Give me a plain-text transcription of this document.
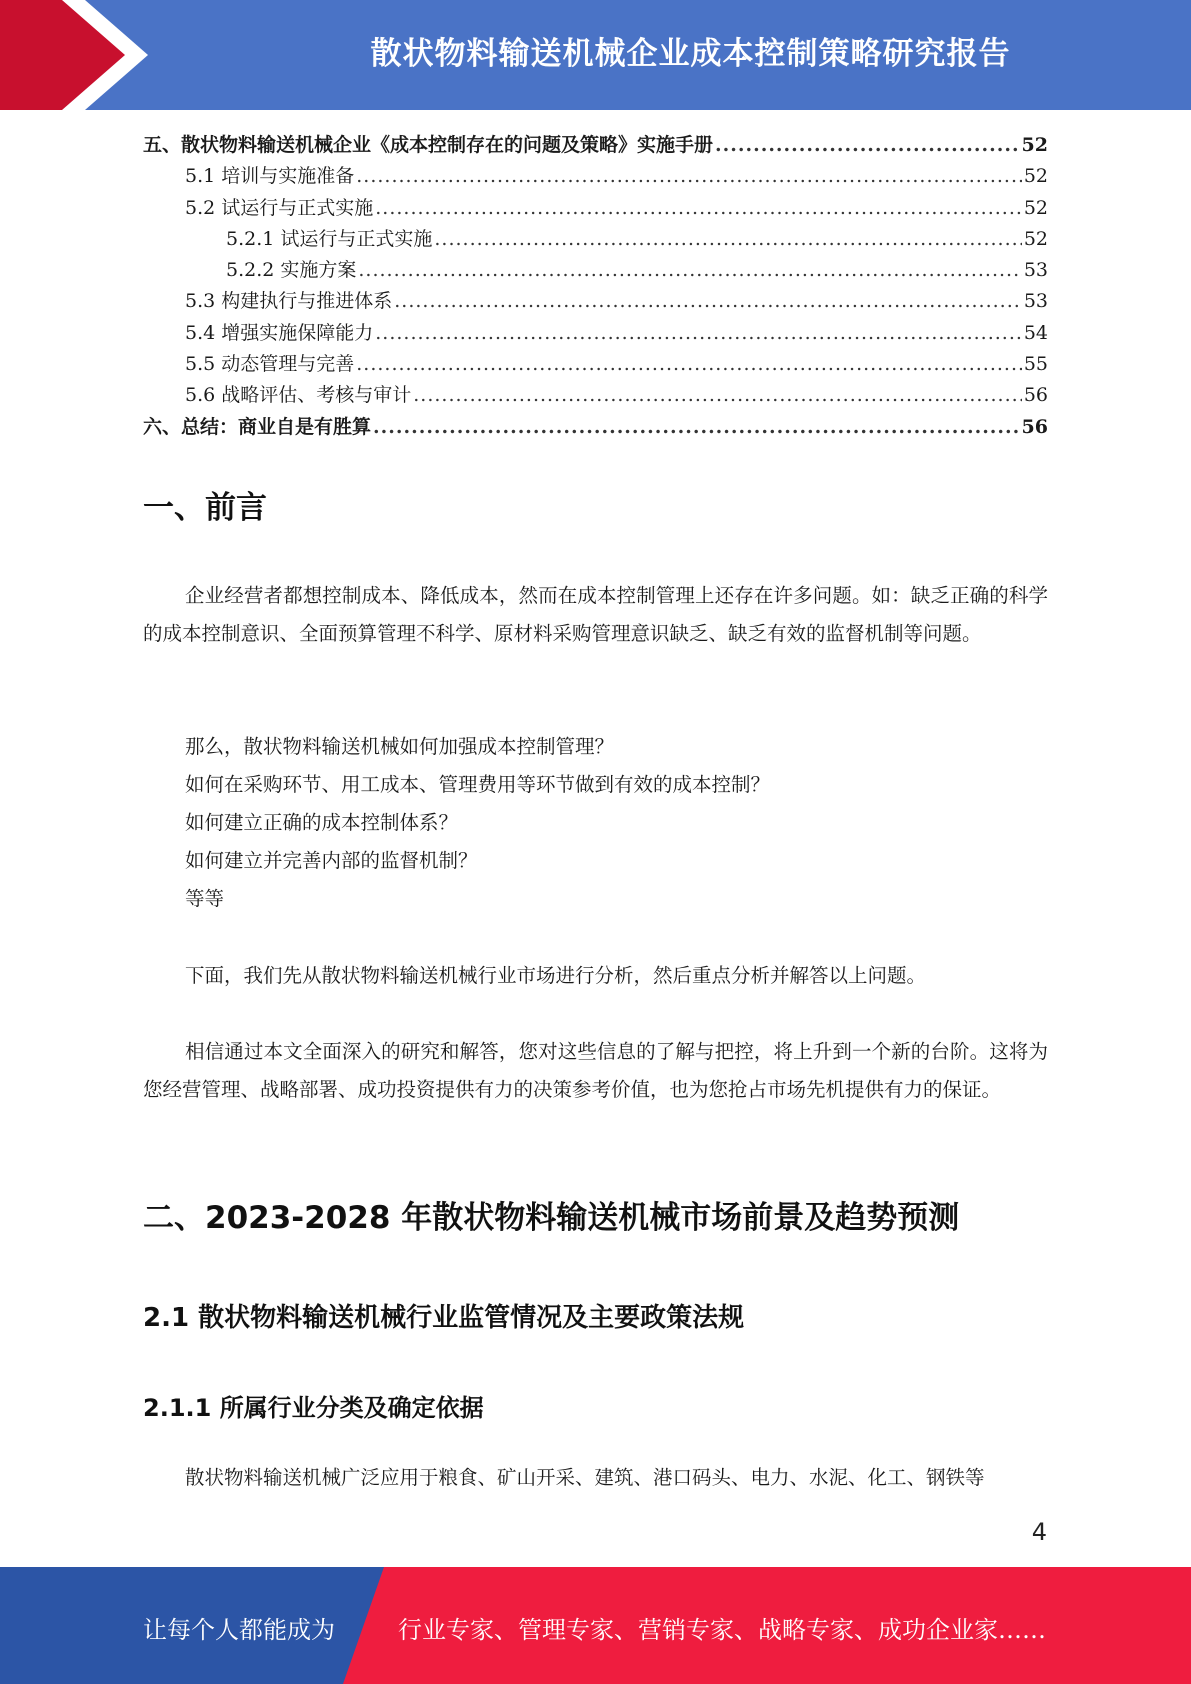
散状物料输送机械企业成本控制策略研究报告
五、散状物料输送机械企业《成本控制存在的问题及策略》实施手册 .....	52
5.1 培训与实施准备 .....	52
5.2 试运行与正式实施 .....	52
5.2.1 试运行与正式实施 .....	52
5.2.2 实施方案 .....	53
5.3 构建执行与推进体系 .....	53
5.4 增强实施保障能力 .....	54
5.5 动态管理与完善 .....	55
5.6 战略评估、考核与审计 .....	56
六、总结：商业自是有胜算 .....	56
一、前言
企业经营者都想控制成本、降低成本，然而在成本控制管理上还存在许多问题。如：缺乏正确的科学的成本控制意识、全面预算管理不科学、原材料采购管理意识缺乏、缺乏有效的监督机制等问题。
那么，散状物料输送机械如何加强成本控制管理？
如何在采购环节、用工成本、管理费用等环节做到有效的成本控制？
如何建立正确的成本控制体系？
如何建立并完善内部的监督机制？
等等
下面，我们先从散状物料输送机械行业市场进行分析，然后重点分析并解答以上问题。
相信通过本文全面深入的研究和解答，您对这些信息的了解与把控，将上升到一个新的台阶。这将为您经营管理、战略部署、成功投资提供有力的决策参考价值，也为您抢占市场先机提供有力的保证。
二、2023-2028 年散状物料输送机械市场前景及趋势预测
2.1 散状物料输送机械行业监管情况及主要政策法规
2.1.1 所属行业分类及确定依据
散状物料输送机械广泛应用于粮食、矿山开采、建筑、港口码头、电力、水泥、化工、钢铁等
4
让每个人都能成为	行业专家、管理专家、营销专家、战略专家、成功企业家……
